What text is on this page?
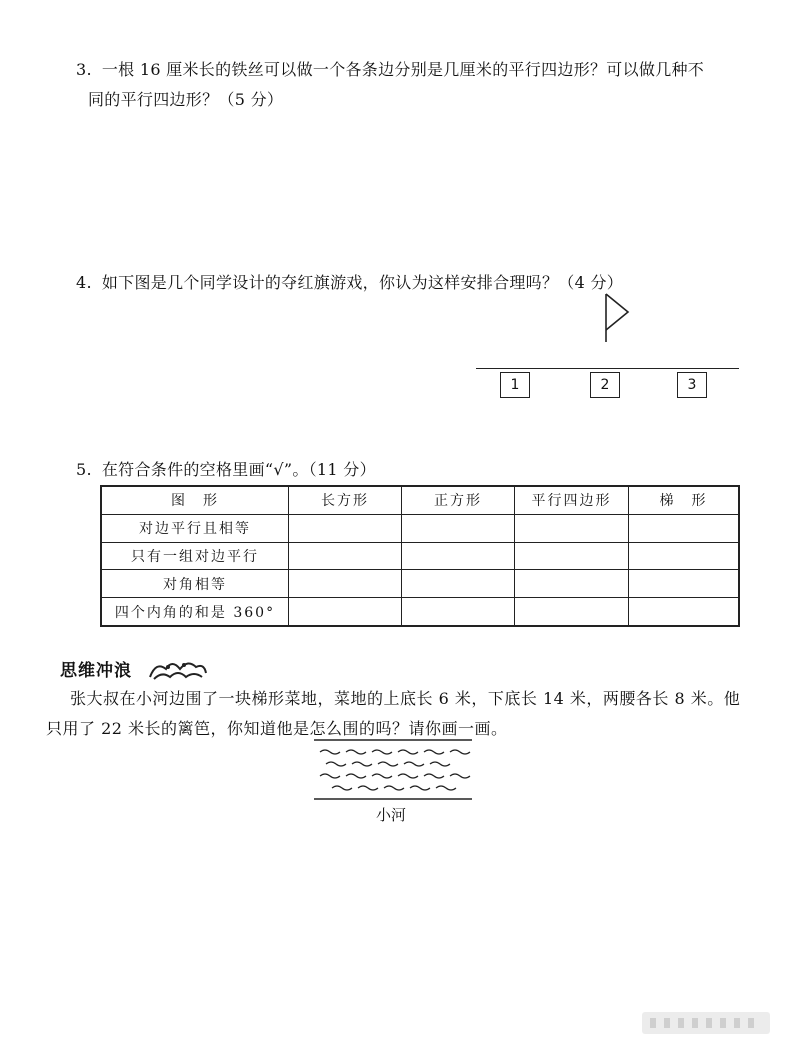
3. 一根 16 厘米长的铁丝可以做一个各条边分别是几厘米的平行四边形？可以做几种不
同的平行四边形？（5 分）
4. 如下图是几个同学设计的夺红旗游戏，你认为这样安排合理吗？（4 分）
1	2	3
5. 在符合条件的空格里画“√”。（11 分）
图　形	长方形	正方形	平行四边形	梯　形
对边平行且相等				
只有一组对边平行				
对角相等				
四个内角的和是 360°				
思维冲浪
张大叔在小河边围了一块梯形菜地，菜地的上底长 6 米，下底长 14 米，两腰各长 8 米。他
只用了 22 米长的篱笆，你知道他是怎么围的吗？请你画一画。
小河
